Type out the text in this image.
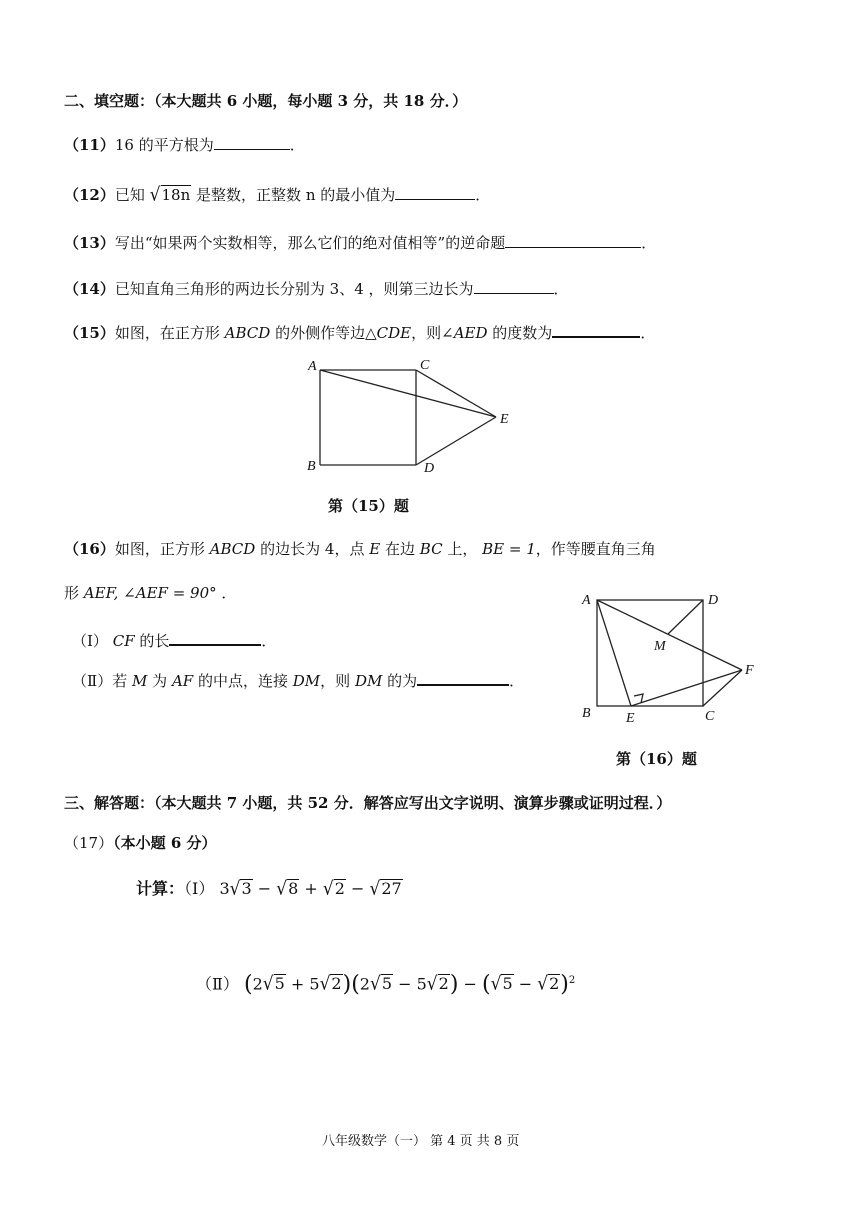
二、填空题：（本大题共 6 小题，每小题 3 分，共 18 分．）
（11）16 的平方根为	．
（12）已知 √18n 是整数，正整数 n 的最小值为	．
（13）写出“如果两个实数相等，那么它们的绝对值相等”的逆命题	．
（14）已知直角三角形的两边长分别为 3、4 ，则第三边长为	．
（15）如图，在正方形 ABCD 的外侧作等边△CDE，则∠AED 的度数为	．
A	C
B	D
E
第（15）题
（16）如图，正方形 ABCD 的边长为 4，点 E 在边 BC 上， BE = 1，作等腰直角三角
形 AEF, ∠AEF = 90° ．
（Ⅰ） CF 的长	．
（Ⅱ）若 M 为 AF 的中点，连接 DM，则 DM 的为	．
A	D
M
F
B	E	C
第（16）题
三、解答题：（本大题共 7 小题，共 52 分．解答应写出文字说明、演算步骤或证明过程．）
（17）（本小题 6 分）
计算：（Ⅰ） 3√3 − √8 + √2 − √27
（Ⅱ） $(2√5 + 5√2)(2√5 - 5√2) - (√5 - √2)^2$
八年级数学（一） 第 4 页 共 8 页
